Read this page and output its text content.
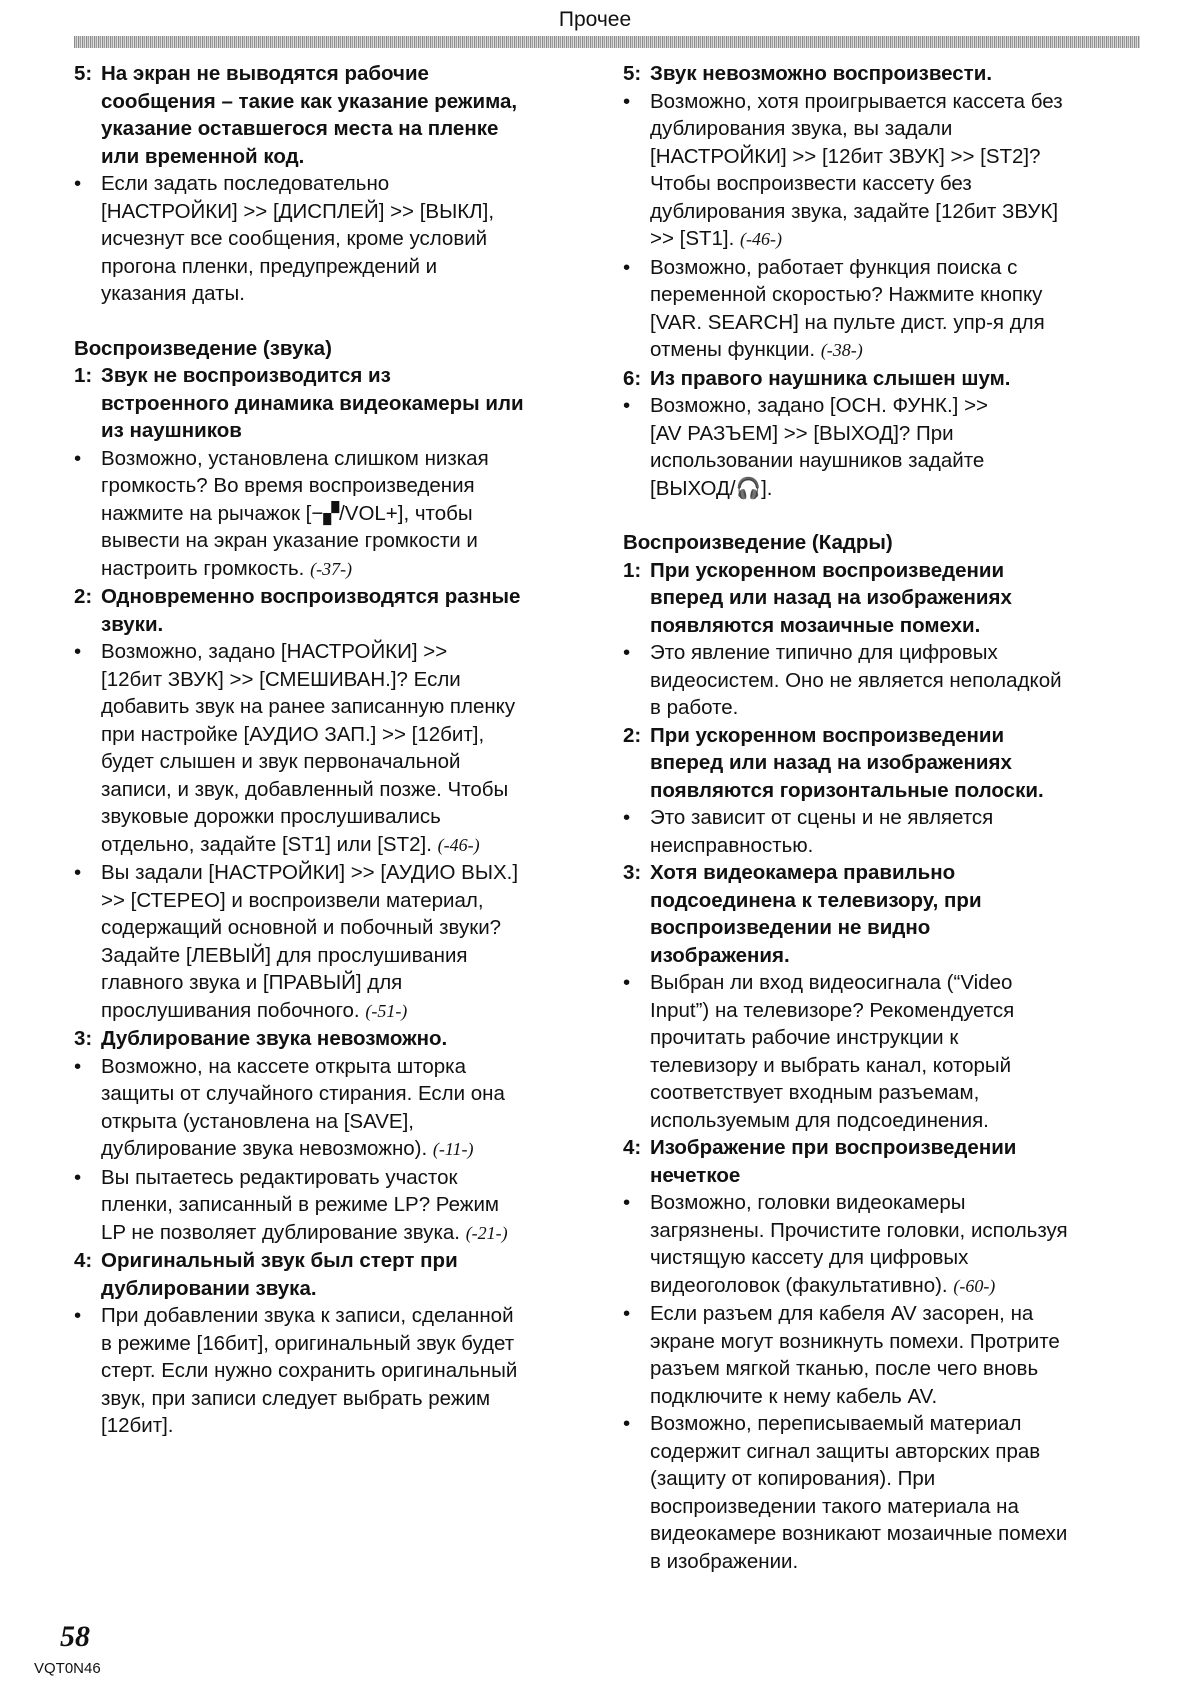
Прочее
5: На экран не выводятся рабочие
сообщения – такие как указание режима,
указание оставшегося места на пленке
или временной код.
• Если задать последовательно
[НАСТРОЙКИ] >> [ДИСПЛЕЙ] >> [ВЫКЛ],
исчезнут все сообщения, кроме условий
прогона пленки, предупреждений и
указания даты.
Воспроизведение (звука)
1: Звук не воспроизводится из
встроенного динамика видеокамеры или
из наушников
• Возможно, установлена слишком низкая
громкость? Во время воспроизведения
нажмите на рычажок [−▞/VOL+], чтобы
вывести на экран указание громкости и
настроить громкость. (-37-)
2: Одновременно воспроизводятся разные
звуки.
• Возможно, задано [НАСТРОЙКИ] >>
[12бит ЗВУК] >> [СМЕШИВАН.]? Если
добавить звук на ранее записанную пленку
при настройке [АУДИО ЗАП.] >> [12бит],
будет слышен и звук первоначальной
записи, и звук, добавленный позже. Чтобы
звуковые дорожки прослушивались
отдельно, задайте [ST1] или [ST2]. (-46-)
• Вы задали [НАСТРОЙКИ] >> [АУДИО ВЫХ.]
>> [СТЕРЕО] и воспроизвели материал,
содержащий основной и побочный звуки?
Задайте [ЛЕВЫЙ] для прослушивания
главного звука и [ПРАВЫЙ] для
прослушивания побочного. (-51-)
3: Дублирование звука невозможно.
• Возможно, на кассете открыта шторка
защиты от случайного стирания. Если она
открыта (установлена на [SAVE],
дублирование звука невозможно). (-11-)
• Вы пытаетесь редактировать участок
пленки, записанный в режиме LP? Режим
LP не позволяет дублирование звука. (-21-)
4: Оригинальный звук был стерт при
дублировании звука.
• При добавлении звука к записи, сделанной
в режиме [16бит], оригинальный звук будет
стерт. Если нужно сохранить оригинальный
звук, при записи следует выбрать режим
[12бит].
5: Звук невозможно воспроизвести.
• Возможно, хотя проигрывается кассета без
дублирования звука, вы задали
[НАСТРОЙКИ] >> [12бит ЗВУК] >> [ST2]?
Чтобы воспроизвести кассету без
дублирования звука, задайте [12бит ЗВУК]
>> [ST1]. (-46-)
• Возможно, работает функция поиска с
переменной скоростью? Нажмите кнопку
[VAR. SEARCH] на пульте дист. упр-я для
отмены функции. (-38-)
6: Из правого наушника слышен шум.
• Возможно, задано [ОСН. ФУНК.] >>
[AV РАЗЪЕМ] >> [ВЫХОД]? При
использовании наушников задайте
[ВЫХОД/🎧].
Воспроизведение (Кадры)
1: При ускоренном воспроизведении
вперед или назад на изображениях
появляются мозаичные помехи.
• Это явление типично для цифровых
видеосистем. Оно не является неполадкой
в работе.
2: При ускоренном воспроизведении
вперед или назад на изображениях
появляются горизонтальные полоски.
• Это зависит от сцены и не является
неисправностью.
3: Хотя видеокамера правильно
подсоединена к телевизору, при
воспроизведении не видно
изображения.
• Выбран ли вход видеосигнала (“Video
Input”) на телевизоре? Рекомендуется
прочитать рабочие инструкции к
телевизору и выбрать канал, который
соответствует входным разъемам,
используемым для подсоединения.
4: Изображение при воспроизведении
нечеткое
• Возможно, головки видеокамеры
загрязнены. Прочистите головки, используя
чистящую кассету для цифровых
видеоголовок (факультативно). (-60-)
• Если разъем для кабеля AV засорен, на
экране могут возникнуть помехи. Протрите
разъем мягкой тканью, после чего вновь
подключите к нему кабель AV.
• Возможно, переписываемый материал
содержит сигнал защиты авторских прав
(защиту от копирования). При
воспроизведении такого материала на
видеокамере возникают мозаичные помехи
в изображении.
58
VQT0N46
